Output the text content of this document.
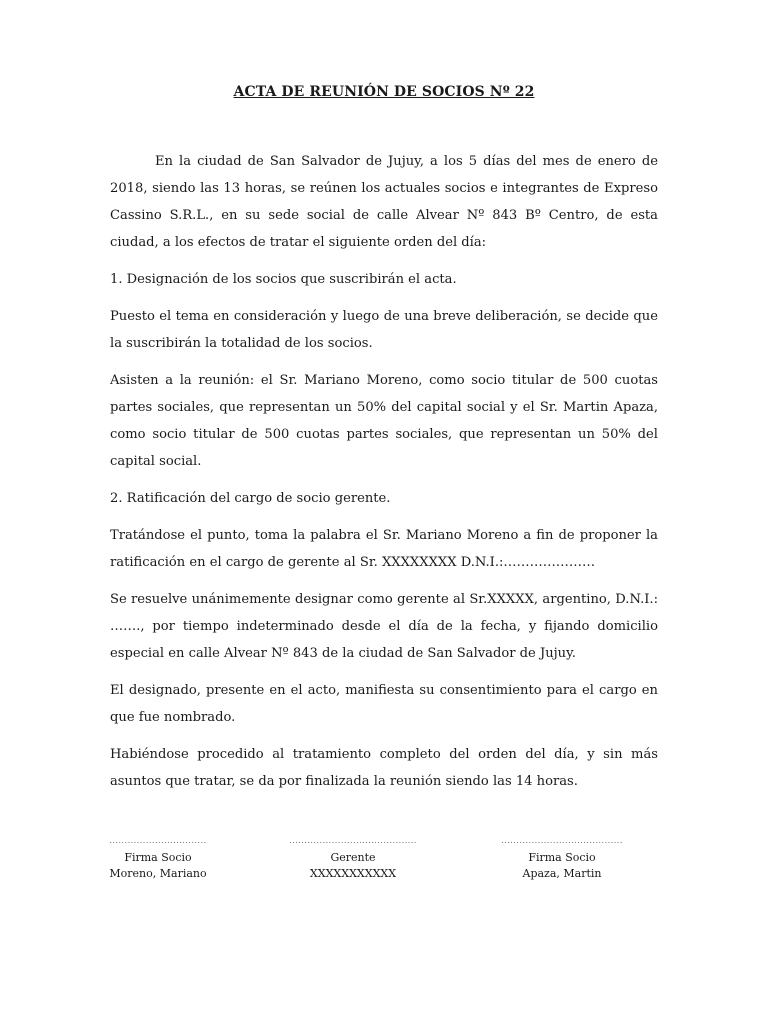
ACTA DE REUNIÓN DE SOCIOS Nº 22

En la ciudad de San Salvador de Jujuy, a los 5 días del mes de enero de 2018, siendo las 13 horas, se reúnen los actuales socios e integrantes de Expreso Cassino S.R.L., en su sede social de calle Alvear Nº 843 Bº Centro, de esta ciudad, a los efectos de tratar el siguiente orden del día:

1. Designación de los socios que suscribirán el acta.

Puesto el tema en consideración y luego de una breve deliberación, se decide que la suscribirán la totalidad de los socios.

Asisten a la reunión: el Sr. Mariano Moreno, como socio titular de 500 cuotas partes sociales, que representan un 50% del capital social y el Sr. Martin Apaza, como socio titular de 500 cuotas partes sociales, que representan un 50% del capital social.

2. Ratificación del cargo de socio gerente.

Tratándose el punto, toma la palabra el Sr. Mariano Moreno a fin de proponer la ratificación en el cargo de gerente al Sr. XXXXXXXX D.N.I.:…………………

Se resuelve unánimemente designar como gerente al Sr.XXXXX, argentino, D.N.I.: ……., por tiempo indeterminado desde el día de la fecha, y fijando domicilio especial en calle Alvear Nº 843 de la ciudad de San Salvador de Jujuy.

El designado, presente en el acto, manifiesta su consentimiento para el cargo en que fue nombrado.

Habiéndose procedido al tratamiento completo del orden del día, y sin más asuntos que tratar, se da por finalizada la reunión siendo las 14 horas.

................................
Firma Socio
Moreno, Mariano
..........................................
Gerente
XXXXXXXXXXX
........................................
Firma Socio
Apaza, Martin
